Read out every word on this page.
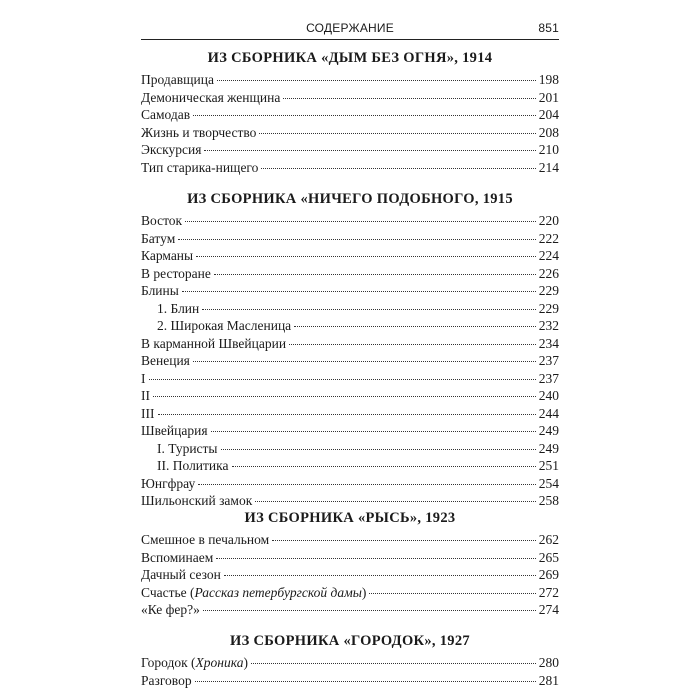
СОДЕРЖАНИЕ	851
ИЗ СБОРНИКА «ДЫМ БЕЗ ОГНЯ», 1914
Продавщица	198
Демоническая женщина	201
Самодав	204
Жизнь и творчество	208
Экскурсия	210
Тип старика-нищего	214
ИЗ СБОРНИКА «НИЧЕГО ПОДОБНОГО, 1915
Восток	220
Батум	222
Карманы	224
В ресторане	226
Блины	229
1. Блин	229
2. Широкая Масленица	232
В карманной Швейцарии	234
Венеция	237
I	237
II	240
III	244
Швейцария	249
I. Туристы	249
II. Политика	251
Юнгфрау	254
Шильонский замок	258
ИЗ СБОРНИКА «РЫСЬ», 1923
Смешное в печальном	262
Вспоминаем	265
Дачный сезон	269
Счастье (Рассказ петербургской дамы)	272
«Ке фер?»	274
ИЗ СБОРНИКА «ГОРОДОК», 1927
Городок (Хроника)	280
Разговор	281
